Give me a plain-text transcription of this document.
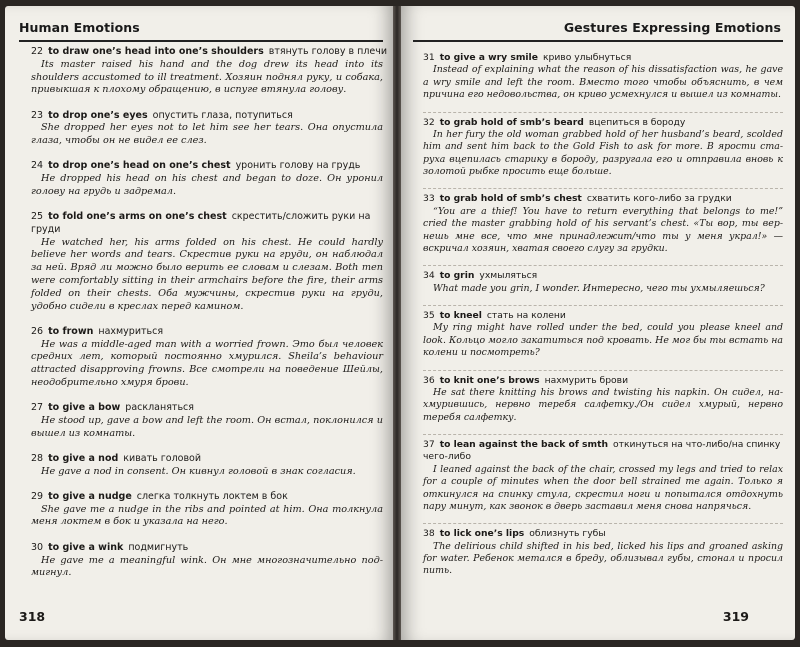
Human Emotions
22 to draw one’s head into one’s shoulders втянуть голову в плечи
Its master raised his hand and the dog drew its head into its shoulders accustomed to ill treatment. Хозяин поднял руку, и собака, привыкшая к плохому обращению, в испуге втянула голову.
23 to drop one’s eyes опустить глаза, потупиться
She dropped her eyes not to let him see her tears. Она опустила глаза, чтобы он не видел ее слез.
24 to drop one’s head on one’s chest уронить голову на грудь
He dropped his head on his chest and began to doze. Он уронил голову на грудь и задремал.
25 to fold one’s arms on one’s chest скрестить/сложить руки на груди
He watched her, his arms folded on his chest. He could hardly believe her words and tears. Скрестив руки на груди, он наблюдал за ней. Вряд ли можно было верить ее словам и слезам. Both men were comfortably sitting in their armchairs before the fire, their arms folded on their chests. Оба мужчины, скрестив руки на груди, удобно сидели в креслах перед камином.
26 to frown нахмуриться
He was a middle-aged man with a worried frown. Это был человек средних лет, который постоянно хмурился. Sheila’s behaviour attracted disapproving frowns. Все смотрели на поведение Шейлы, неодобрительно хмуря брови.
27 to give a bow раскланяться
He stood up, gave a bow and left the room. Он встал, поклонился и вышел из комнаты.
28 to give a nod кивать головой
He gave a nod in consent. Он кивнул головой в знак согласия.
29 to give a nudge слегка толкнуть локтем в бок
She gave me a nudge in the ribs and pointed at him. Она толкнула меня локтем в бок и указала на него.
30 to give a wink подмигнуть
He gave me a meaningful wink. Он мне многозначительно подмигнул.
318
Gestures Expressing Emotions
31 to give a wry smile криво улыбнуться
Instead of explaining what the reason of his dissatisfaction was, he gave a wry smile and left the room. Вместо того чтобы объяснить, в чем причина его недовольства, он криво усмехнулся и вышел из комнаты.
32 to grab hold of smb’s beard вцепиться в бороду
In her fury the old woman grabbed hold of her husband’s beard, scolded him and sent him back to the Gold Fish to ask for more. В ярости старуха вцепилась старику в бороду, разругала его и отправила вновь к золотой рыбке просить еще больше.
33 to grab hold of smb’s chest схватить кого-либо за грудки
“You are a thief! You have to return everything that belongs to me!” cried the master grabbing hold of his servant’s chest. «Ты вор, ты вернешь мне все, что мне принадлежит/что ты у меня украл!» — вскричал хозяин, хватая своего слугу за грудки.
34 to grin ухмыляться
What made you grin, I wonder. Интересно, чего ты ухмыляешься?
35 to kneel стать на колени
My ring might have rolled under the bed, could you please kneel and look. Кольцо могло закатиться под кровать. Не мог бы ты встать на колени и посмотреть?
36 to knit one’s brows нахмурить брови
He sat there knitting his brows and twisting his napkin. Он сидел, нахмурившись, нервно теребя салфетку./Он сидел хмурый, нервно теребя салфетку.
37 to lean against the back of smth откинуться на что-либо/на спинку чего-либо
I leaned against the back of the chair, crossed my legs and tried to relax for a couple of minutes when the door bell strained me again. Только я откинулся на спинку стула, скрестил ноги и попытался отдохнуть пару минут, как звонок в дверь заставил меня снова напрячься.
38 to lick one’s lips облизнуть губы
The delirious child shifted in his bed, licked his lips and groaned asking for water. Ребенок метался в бреду, облизывал губы, стонал и просил пить.
319
